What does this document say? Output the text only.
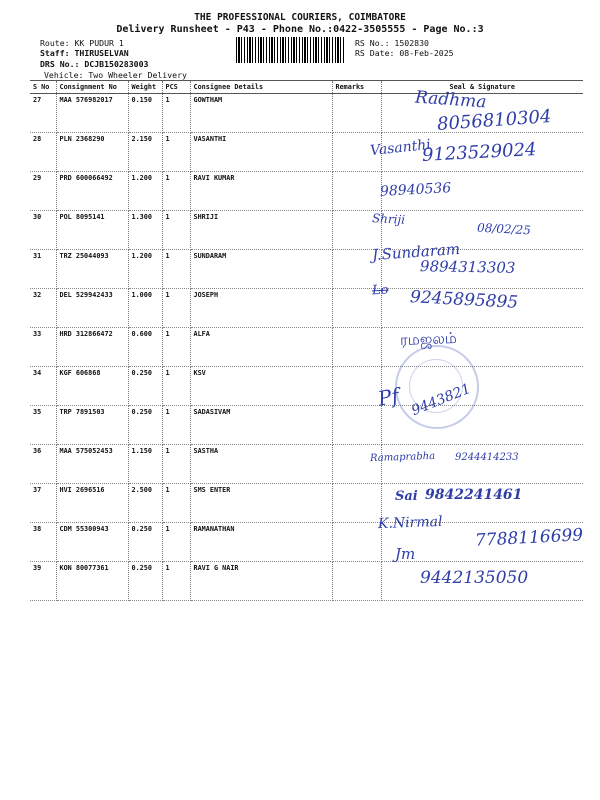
THE PROFESSIONAL COURIERS, COIMBATORE
Delivery Runsheet - P43 - Phone No.:0422-3505555 - Page No.:3
Route: KK PUDUR 1
Staff: THIRUSELVAN
DRS No.: DCJB150283003
Vehicle: Two Wheeler Delivery
RS No.: 1502830
RS Date: 08-Feb-2025
S No	Consignment No	Weight	PCS	Consignee Details	Remarks	Seal & Signature
27	MAA 576982017	0.150	1	GOWTHAM		
28	PLN 2368290	2.150	1	VASANTHI		
29	PRD 600066492	1.200	1	RAVI KUMAR		
30	POL 8095141	1.300	1	SHRIJI		
31	TRZ 25044093	1.200	1	SUNDARAM		
32	DEL 529942433	1.000	1	JOSEPH		
33	HRD 312866472	0.600	1	ALFA		
34	KGF 606868	0.250	1	KSV		
35	TRP 7891503	0.250	1	SADASIVAM		
36	MAA 575052453	1.150	1	SASTHA		
37	HVI 2696516	2.500	1	SMS ENTER		
38	CDM 55300943	0.250	1	RAMANATHAN		
39	KON 80077361	0.250	1	RAVI G NAIR		
Radhma
8056810304
Vasanthi
9123529024
98940536
Shriji
08/02/25
J.Sundaram
9894313303
Lo 9245895895
ரமஜலம்
Pf 9443821
Ramaprabha 9244414233
Sai 9842241461
K.Nirmal
7788116699
Jm
9442135050
